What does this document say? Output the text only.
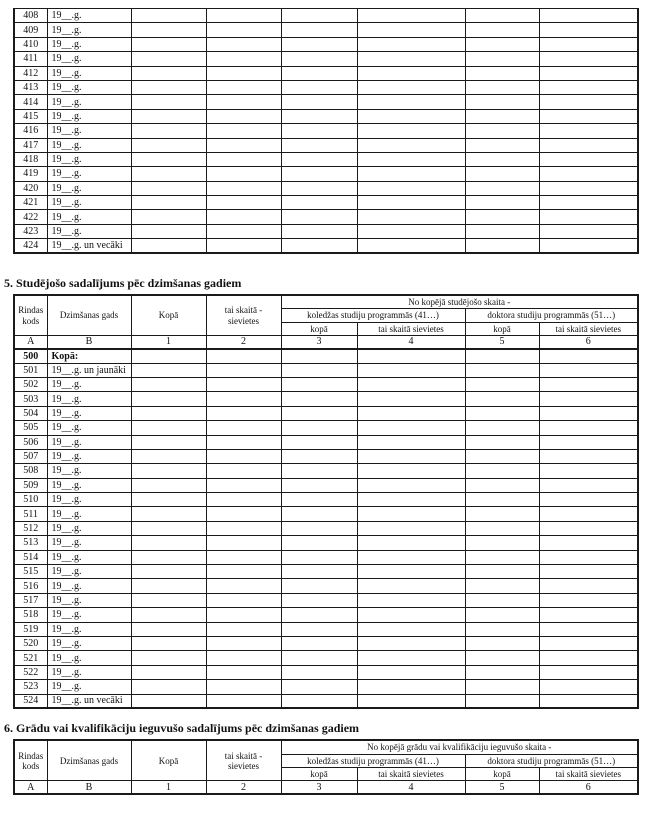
408	19__.g.						
409	19__.g.						
410	19__.g.						
411	19__.g.						
412	19__.g.						
413	19__.g.						
414	19__.g.						
415	19__.g.						
416	19__.g.						
417	19__.g.						
418	19__.g.						
419	19__.g.						
420	19__.g.						
421	19__.g.						
422	19__.g.						
423	19__.g.						
424	19__.g. un vecāki						
5. Studējošo sadalījums pēc dzimšanas gadiem
Rindas kods	Dzimšanas gads	Kopā	tai skaitā - sievietes	No kopējā studējošo skaita -			
				koledžas studiju programmās (41…)		doktora studiju programmās (51…)	
				kopā	tai skaitā sievietes	kopā	tai skaitā sievietes
A	B	1	2	3	4	5	6
500	Kopā:						
501	19__.g. un jaunāki						
502	19__.g.						
503	19__.g.						
504	19__.g.						
505	19__.g.						
506	19__.g.						
507	19__.g.						
508	19__.g.						
509	19__.g.						
510	19__.g.						
511	19__.g.						
512	19__.g.						
513	19__.g.						
514	19__.g.						
515	19__.g.						
516	19__.g.						
517	19__.g.						
518	19__.g.						
519	19__.g.						
520	19__.g.						
521	19__.g.						
522	19__.g.						
523	19__.g.						
524	19__.g. un vecāki						
6. Grādu vai kvalifikāciju ieguvušo sadalījums pēc dzimšanas gadiem
Rindas kods	Dzimšanas gads	Kopā	tai skaitā - sievietes	No kopējā grādu vai kvalifikāciju ieguvušo skaita -			
				koledžas studiju programmās (41…)		doktora studiju programmās (51…)	
				kopā	tai skaitā sievietes	kopā	tai skaitā sievietes
A	B	1	2	3	4	5	6
